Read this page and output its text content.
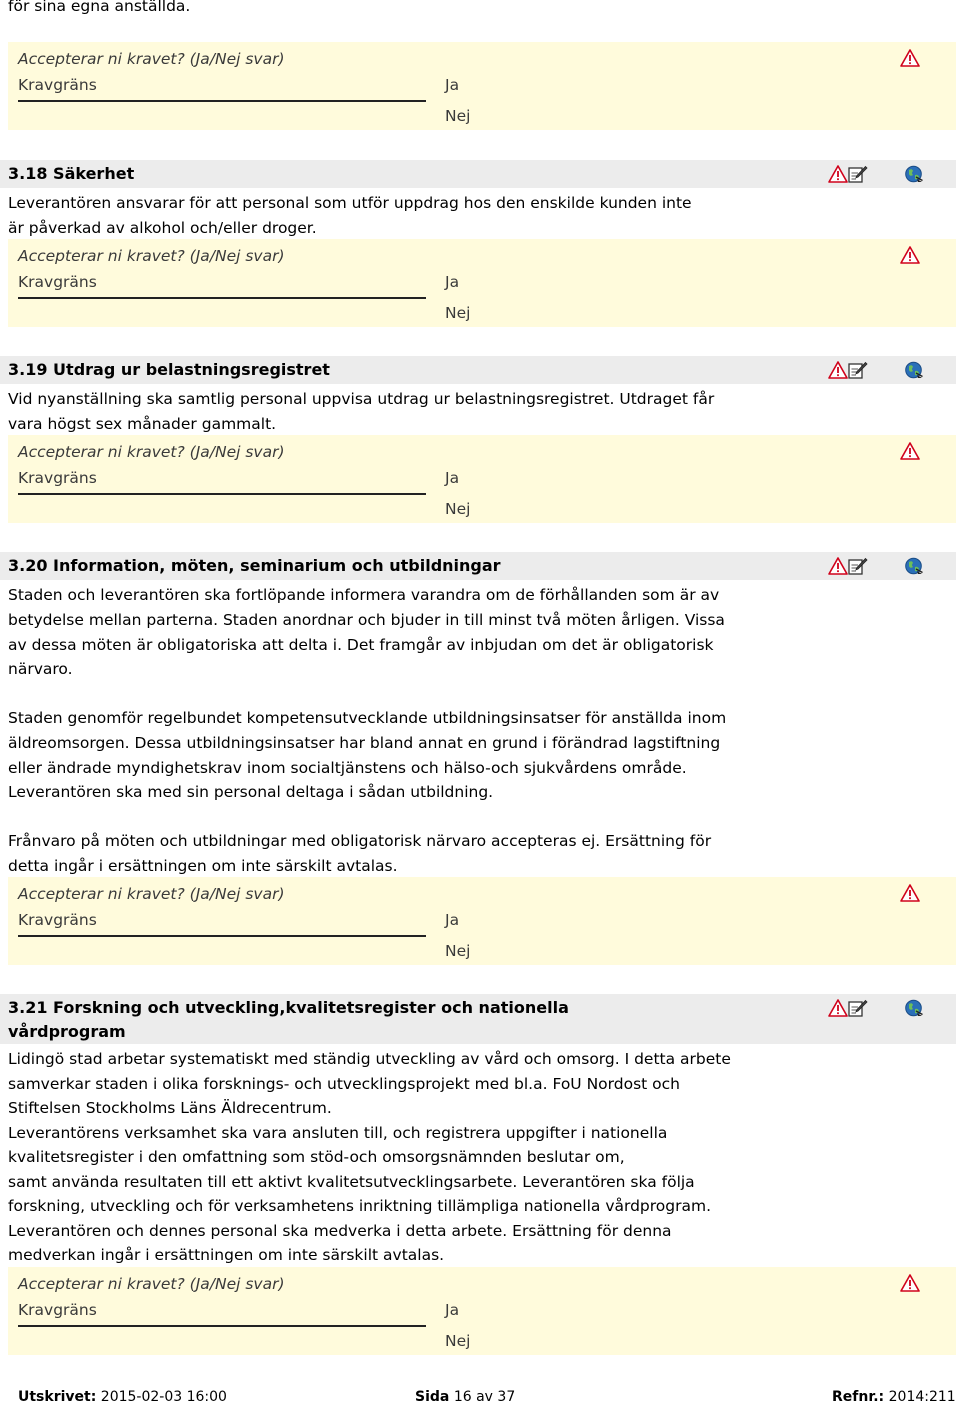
för sina egna anställda.
Accepterar ni kravet? (Ja/Nej svar)
Kravgräns	Ja
Nej
3.18 Säkerhet
Leverantören ansvarar för att personal som utför uppdrag hos den enskilde kunden inte
är påverkad av alkohol och/eller droger.
Accepterar ni kravet? (Ja/Nej svar)
Kravgräns	Ja
Nej
3.19 Utdrag ur belastningsregistret
Vid nyanställning ska samtlig personal uppvisa utdrag ur belastningsregistret. Utdraget får
vara högst sex månader gammalt.
Accepterar ni kravet? (Ja/Nej svar)
Kravgräns	Ja
Nej
3.20 Information, möten, seminarium och utbildningar
Staden och leverantören ska fortlöpande informera varandra om de förhållanden som är av
betydelse mellan parterna. Staden anordnar och bjuder in till minst två möten årligen. Vissa
av dessa möten är obligatoriska att delta i. Det framgår av inbjudan om det är obligatorisk
närvaro.
Staden genomför regelbundet kompetensutvecklande utbildningsinsatser för anställda inom
äldreomsorgen. Dessa utbildningsinsatser har bland annat en grund i förändrad lagstiftning
eller ändrade myndighetskrav inom socialtjänstens och hälso-och sjukvårdens område.
Leverantören ska med sin personal deltaga i sådan utbildning.
Frånvaro på möten och utbildningar med obligatorisk närvaro accepteras ej. Ersättning för
detta ingår i ersättningen om inte särskilt avtalas.
Accepterar ni kravet? (Ja/Nej svar)
Kravgräns	Ja
Nej
3.21 Forskning och utveckling,kvalitetsregister och nationella
vårdprogram
Lidingö stad arbetar systematiskt med ständig utveckling av vård och omsorg. I detta arbete
samverkar staden i olika forsknings- och utvecklingsprojekt med bl.a. FoU Nordost och
Stiftelsen Stockholms Läns Äldrecentrum.
Leverantörens verksamhet ska vara ansluten till, och registrera uppgifter i nationella
kvalitetsregister i den omfattning som stöd-och omsorgsnämnden beslutar om,
samt använda resultaten till ett aktivt kvalitetsutvecklingsarbete. Leverantören ska följa
forskning, utveckling och för verksamhetens inriktning tillämpliga nationella vårdprogram.
Leverantören och dennes personal ska medverka i detta arbete. Ersättning för denna
medverkan ingår i ersättningen om inte särskilt avtalas.
Accepterar ni kravet? (Ja/Nej svar)
Kravgräns	Ja
Nej
Utskrivet: 2015-02-03 16:00	Sida 16 av 37	Refnr.: 2014:211
